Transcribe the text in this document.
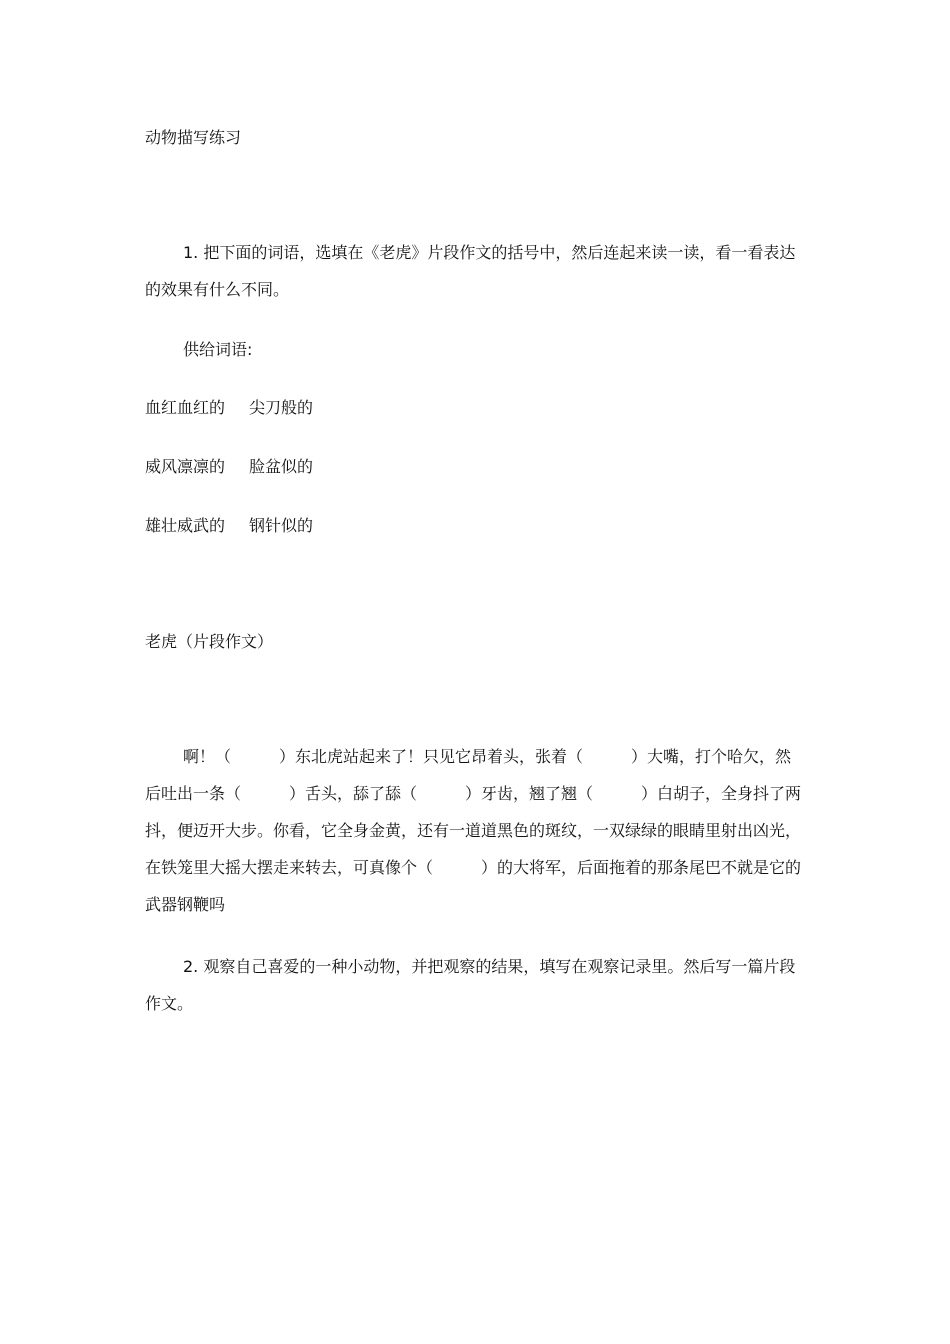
动物描写练习
1. 把下面的词语，选填在《老虎》片段作文的括号中，然后连起来读一读，看一看表达的效果有什么不同。
供给词语:
血红血红的 尖刀般的
威风凛凛的 脸盆似的
雄壮威武的 钢针似的
老虎（片段作文）
啊！（　　　）东北虎站起来了！只见它昂着头，张着（　　　）大嘴，打个哈欠，然后吐出一条（　　　）舌头，舔了舔（　　　）牙齿，翘了翘（　　　）白胡子，全身抖了两抖，便迈开大步。你看，它全身金黄，还有一道道黑色的斑纹，一双绿绿的眼睛里射出凶光，在铁笼里大摇大摆走来转去，可真像个（　　　）的大将军，后面拖着的那条尾巴不就是它的武器钢鞭吗
2. 观察自己喜爱的一种小动物，并把观察的结果，填写在观察记录里。然后写一篇片段作文。
